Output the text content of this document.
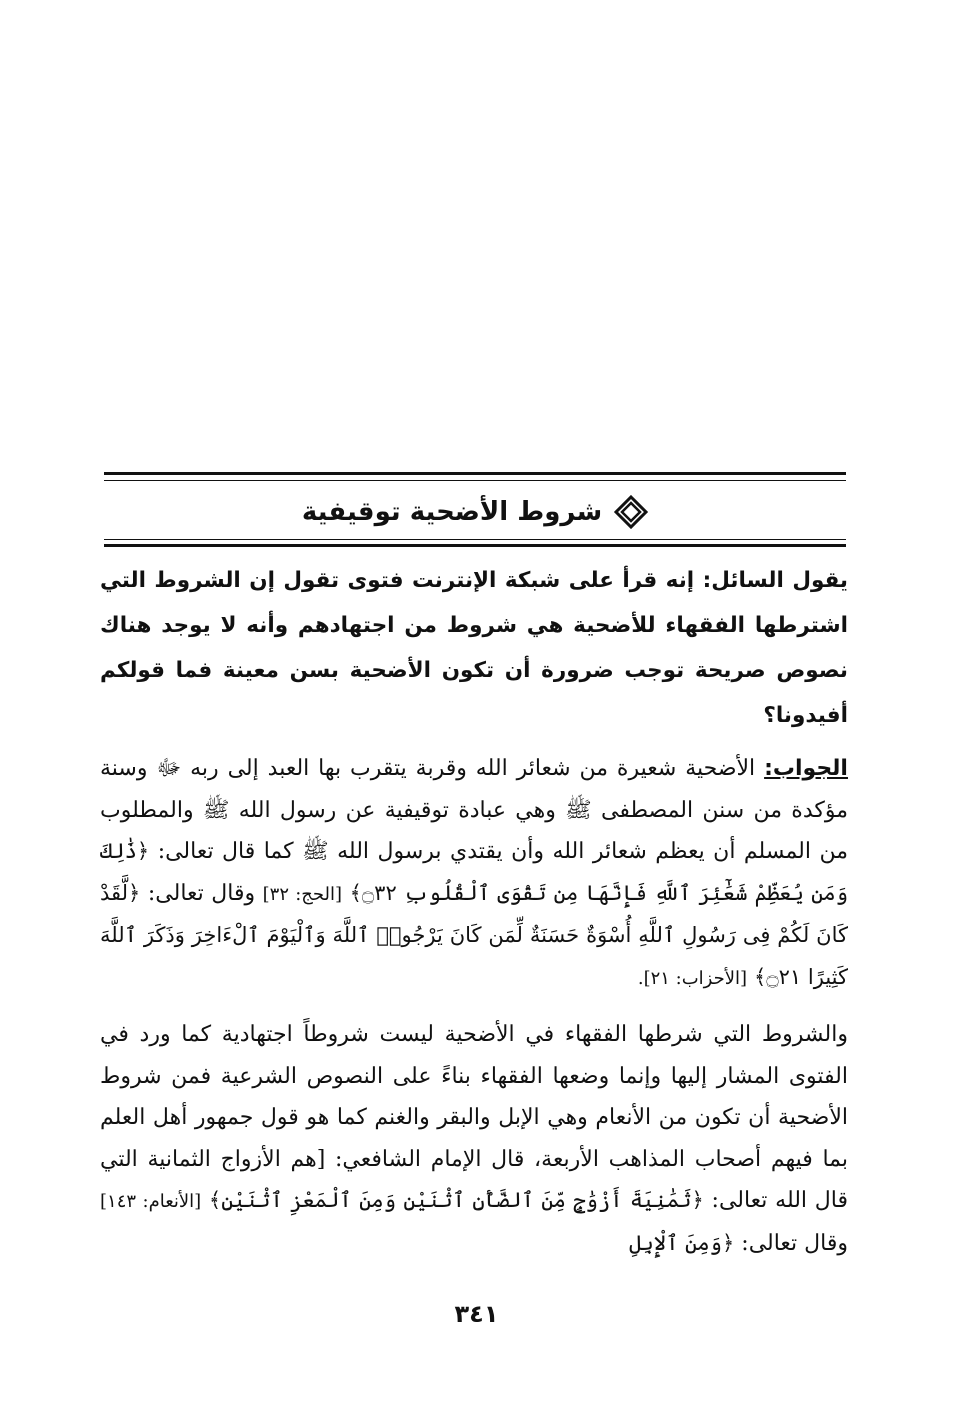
شروط الأضحية توقيفية

يقول السائل: إنه قرأ على شبكة الإنترنت فتوى تقول إن الشروط التي اشترطها الفقهاء للأضحية هي شروط من اجتهادهم وأنه لا يوجد هناك نصوص صريحة توجب ضرورة أن تكون الأضحية بسن معينة فما قولكم أفيدونا؟

الجواب: الأضحية شعيرة من شعائر الله وقربة يتقرب بها العبد إلى ربه ﷻ وسنة مؤكدة من سنن المصطفى ﷺ وهي عبادة توقيفية عن رسول الله ﷺ والمطلوب من المسلم أن يعظم شعائر الله وأن يقتدي برسول الله ﷺ كما قال تعالى: ﴿ذَٰلِكَ وَمَن يُعَظِّمْ شَعَٰٓئِرَ ٱللَّهِ فَإِنَّهَا مِن تَقْوَى ٱلْقُلُوبِ ۝٣٢﴾ [الحج: ٣٢] وقال تعالى: ﴿لَّقَدْ كَانَ لَكُمْ فِى رَسُولِ ٱللَّهِ أُسْوَةٌ حَسَنَةٌ لِّمَن كَانَ يَرْجُوا۟ ٱللَّهَ وَٱلْيَوْمَ ٱلْءَاخِرَ وَذَكَرَ ٱللَّهَ كَثِيرًا ۝٢١﴾ [الأحزاب: ٢١].

والشروط التي شرطها الفقهاء في الأضحية ليست شروطاً اجتهادية كما ورد في الفتوى المشار إليها وإنما وضعها الفقهاء بناءً على النصوص الشرعية فمن شروط الأضحية أن تكون من الأنعام وهي الإبل والبقر والغنم كما هو قول جمهور أهل العلم بما فيهم أصحاب المذاهب الأربعة، قال الإمام الشافعي: [هم الأزواج الثمانية التي قال الله تعالى: ﴿ثَمَٰنِيَةَ أَزْوَٰجٍ مِّنَ ٱلضَّأْنِ ٱثْنَيْنِ وَمِنَ ٱلْمَعْزِ ٱثْنَيْنِ﴾ [الأنعام: ١٤٣] وقال تعالى: ﴿وَمِنَ ٱلْإِبِلِ

٣٤١
